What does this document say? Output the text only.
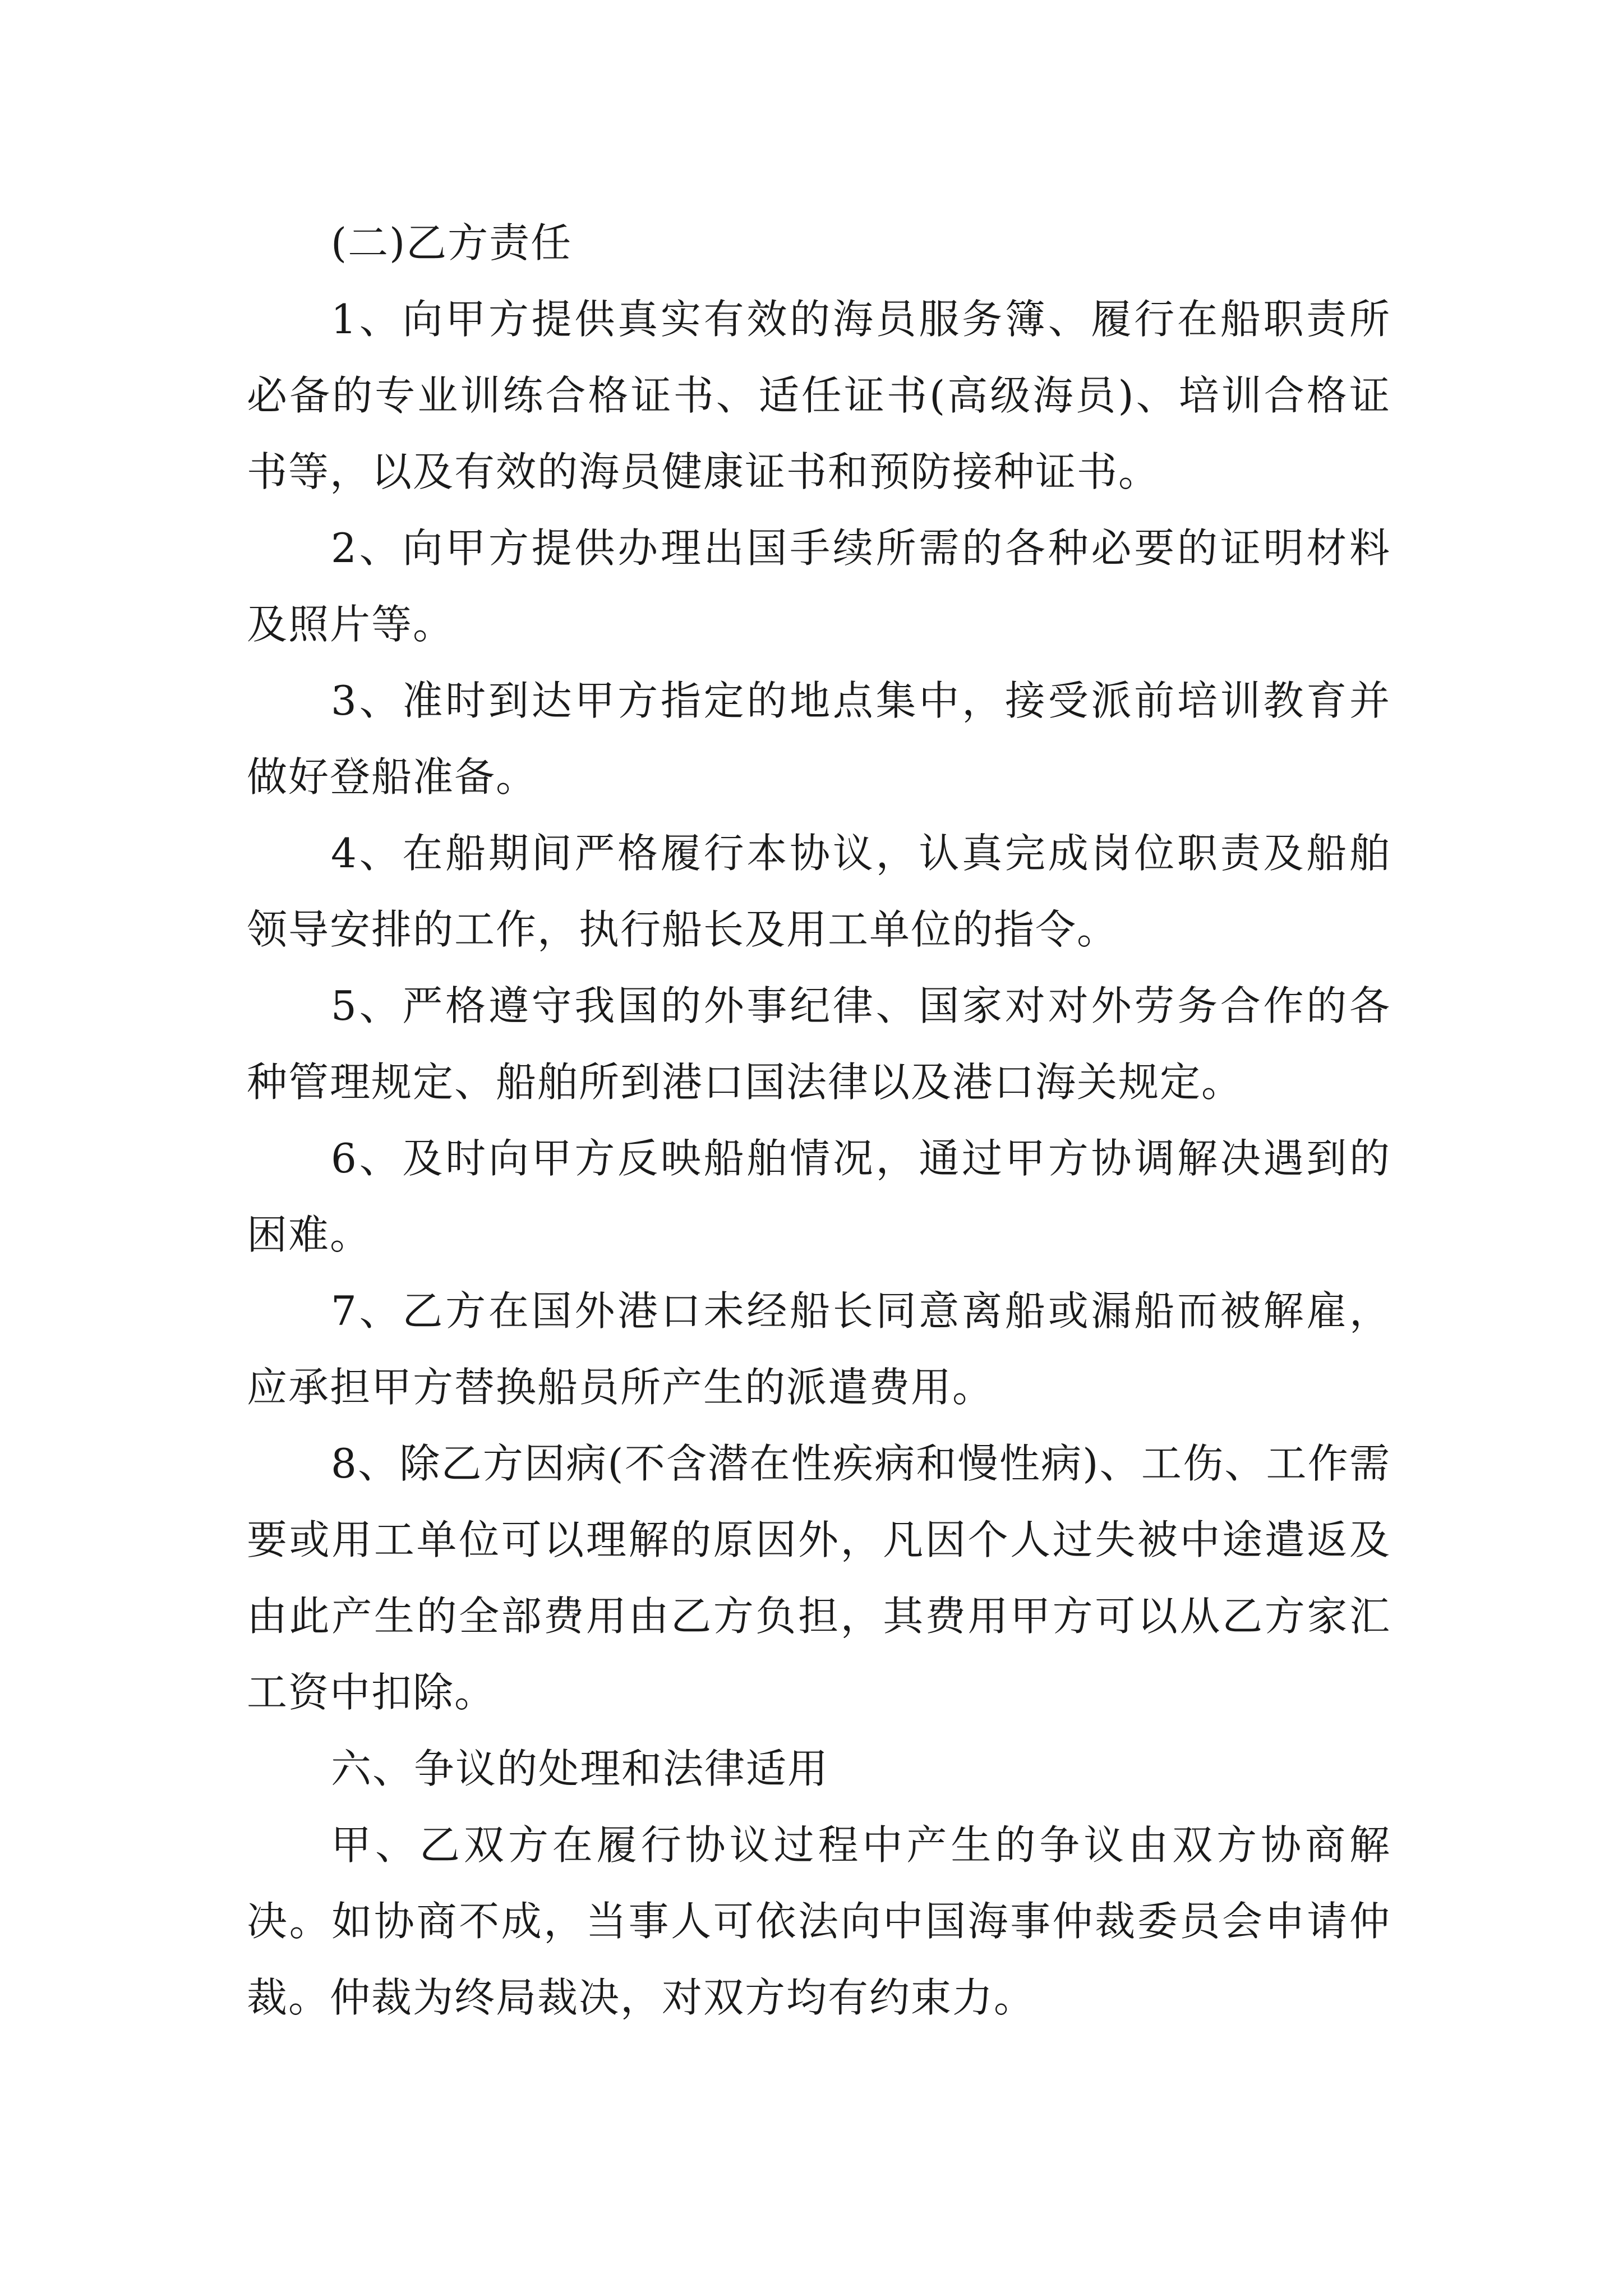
(二)乙方责任

1、向甲方提供真实有效的海员服务簿、履行在船职责所必备的专业训练合格证书、适任证书(高级海员)、培训合格证书等，以及有效的海员健康证书和预防接种证书。

2、向甲方提供办理出国手续所需的各种必要的证明材料及照片等。

3、准时到达甲方指定的地点集中，接受派前培训教育并做好登船准备。

4、在船期间严格履行本协议，认真完成岗位职责及船舶领导安排的工作，执行船长及用工单位的指令。

5、严格遵守我国的外事纪律、国家对对外劳务合作的各种管理规定、船舶所到港口国法律以及港口海关规定。

6、及时向甲方反映船舶情况，通过甲方协调解决遇到的困难。

7、乙方在国外港口未经船长同意离船或漏船而被解雇，应承担甲方替换船员所产生的派遣费用。

8、除乙方因病(不含潜在性疾病和慢性病)、工伤、工作需要或用工单位可以理解的原因外，凡因个人过失被中途遣返及由此产生的全部费用由乙方负担，其费用甲方可以从乙方家汇工资中扣除。

六、争议的处理和法律适用

甲、乙双方在履行协议过程中产生的争议由双方协商解决。如协商不成，当事人可依法向中国海事仲裁委员会申请仲裁。仲裁为终局裁决，对双方均有约束力。
